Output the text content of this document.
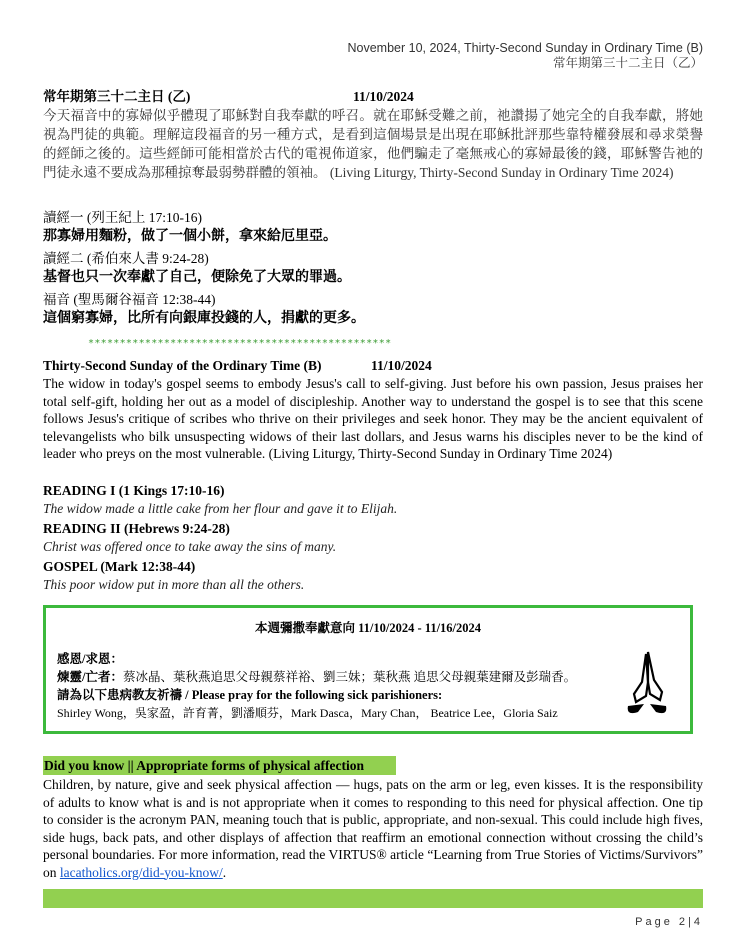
November 10, 2024, Thirty-Second Sunday in Ordinary Time (B)
常年期第三十二主日（乙）
常年期第三十二主日 (乙)	11/10/2024
今天福音中的寡婦似乎體現了耶穌對自我奉獻的呼召。就在耶穌受難之前，祂讚揚了她完全的自我奉獻，將她視為門徒的典範。理解這段福音的另一種方式，是看到這個場景是出現在耶穌批評那些靠特權發展和尋求榮譽的經師之後的。這些經師可能相當於古代的電視佈道家，他們騙走了毫無戒心的寡婦最後的錢，耶穌警告祂的門徒永遠不要成為那種掠奪最弱勢群體的領袖。 (Living Liturgy, Thirty-Second Sunday in Ordinary Time 2024)
讀經一 (列王紀上 17:10-16)
那寡婦用麵粉，做了一個小餅，拿來給厄里亞。
讀經二 (希伯來人書 9:24-28)
基督也只一次奉獻了自己，便除免了大眾的罪過。
福音 (聖馬爾谷福音 12:38-44)
這個窮寡婦，比所有向銀庫投錢的人，捐獻的更多。
************************************************
Thirty-Second Sunday of the Ordinary Time (B)	11/10/2024
The widow in today's gospel seems to embody Jesus's call to self-giving. Just before his own passion, Jesus praises her total self-gift, holding her out as a model of discipleship. Another way to understand the gospel is to see that this scene follows Jesus's critique of scribes who thrive on their privileges and seek honor. They may be the ancient equivalent of televangelists who bilk unsuspecting widows of their last dollars, and Jesus warns his disciples never to be the kind of leader who preys on the most vulnerable. (Living Liturgy, Thirty-Second Sunday in Ordinary Time 2024)
READING I (1 Kings 17:10-16)
The widow made a little cake from her flour and gave it to Elijah.
READING II (Hebrews 9:24-28)
Christ was offered once to take away the sins of many.
GOSPEL (Mark 12:38-44)
This poor widow put in more than all the others.
本週彌撒奉獻意向 11/10/2024 - 11/16/2024
感恩/求恩：
煉靈/亡者：蔡冰晶、葉秋燕追思父母親蔡祥裕、劉三妹；葉秋燕 追思父母親葉建爾及彭瑞香。
請為以下患病教友祈禱 / Please pray for the following sick parishioners:
Shirley Wong，吳家盈，許育菁，劉潘順芬，Mark Dasca，Mary Chan， Beatrice Lee，Gloria Saiz
Did you know || Appropriate forms of physical affection
Children, by nature, give and seek physical affection — hugs, pats on the arm or leg, even kisses. It is the responsibility of adults to know what is and is not appropriate when it comes to responding to this need for physical affection. One tip to consider is the acronym PAN, meaning touch that is public, appropriate, and non-sexual. This could include high fives, side hugs, back pats, and other displays of affection that reaffirm an emotional connection without crossing the child’s personal boundaries. For more information, read the VIRTUS® article “Learning from True Stories of Victims/Survivors” on lacatholics.org/did-you-know/.
Page 2|4
